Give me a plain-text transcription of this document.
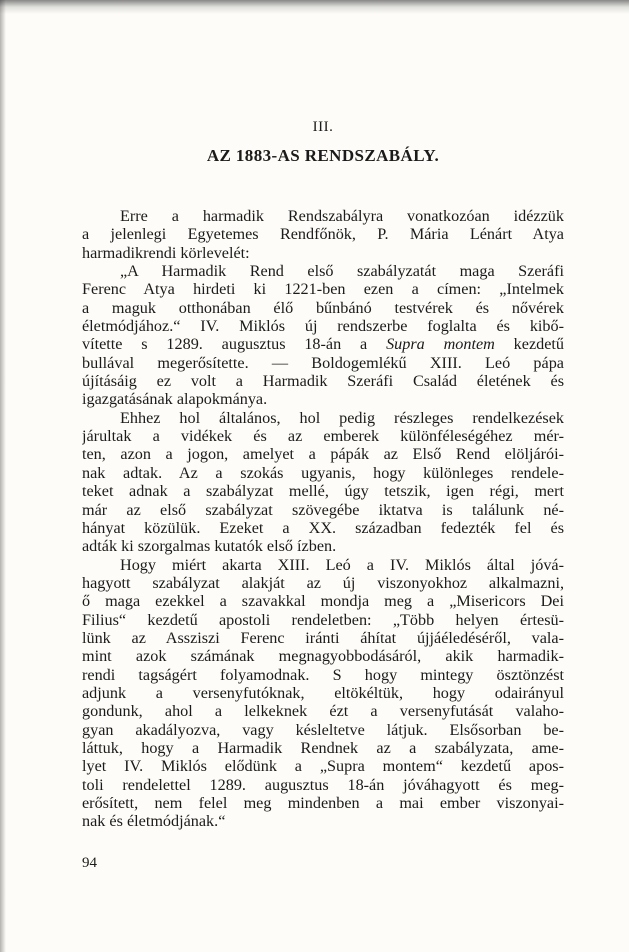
III.
AZ 1883-AS RENDSZABÁLY.
Erre a harmadik Rendszabályra vonatkozóan idézzük
a jelenlegi Egyetemes Rendfőnök, P. Mária Lénárt Atya
harmadikrendi körlevelét:
„A Harmadik Rend első szabályzatát maga Szeráfi
Ferenc Atya hirdeti ki 1221-ben ezen a címen: „Intelmek
a maguk otthonában élő bűnbánó testvérek és nővérek
életmódjához.“ IV. Miklós új rendszerbe foglalta és kibő-
vítette s 1289. augusztus 18-án a Supra montem kezdetű
bullával megerősítette. — Boldogemlékű XIII. Leó pápa
újításáig ez volt a Harmadik Szeráfi Család életének és
igazgatásának alapokmánya.
Ehhez hol általános, hol pedig részleges rendelkezések
járultak a vidékek és az emberek különféleségéhez mér-
ten, azon a jogon, amelyet a pápák az Első Rend elöljárói-
nak adtak. Az a szokás ugyanis, hogy különleges rendele-
teket adnak a szabályzat mellé, úgy tetszik, igen régi, mert
már az első szabályzat szövegébe iktatva is találunk né-
hányat közülük. Ezeket a XX. században fedezték fel és
adták ki szorgalmas kutatók első ízben.
Hogy miért akarta XIII. Leó a IV. Miklós által jóvá-
hagyott szabályzat alakját az új viszonyokhoz alkalmazni,
ő maga ezekkel a szavakkal mondja meg a „Misericors Dei
Filius“ kezdetű apostoli rendeletben: „Több helyen értesü-
lünk az Assziszi Ferenc iránti áhítat újjáéledéséről, vala-
mint azok számának megnagyobbodásáról, akik harmadik-
rendi tagságért folyamodnak. S hogy mintegy ösztönzést
adjunk a versenyfutóknak, eltökéltük, hogy odairányul
gondunk, ahol a lelkeknek ézt a versenyfutását valaho-
gyan akadályozva, vagy késleltetve látjuk. Elsősorban be-
láttuk, hogy a Harmadik Rendnek az a szabályzata, ame-
lyet IV. Miklós elődünk a „Supra montem“ kezdetű apos-
toli rendelettel 1289. augusztus 18-án jóváhagyott és meg-
erősített, nem felel meg mindenben a mai ember viszonyai-
nak és életmódjának.“
94
